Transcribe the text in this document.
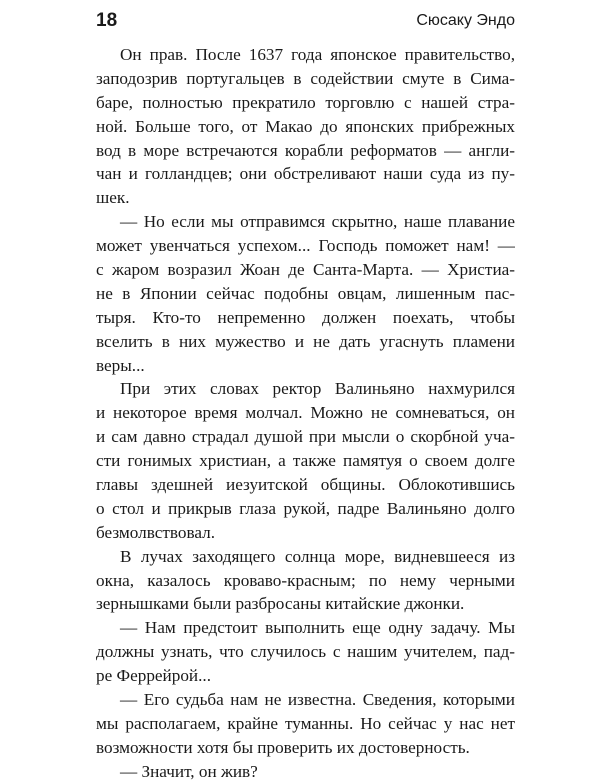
18	Сюсаку Эндо
Он прав. После 1637 года японское правительство,
заподозрив португальцев в содействии смуте в Сима-
баре, полностью прекратило торговлю с нашей стра-
ной. Больше того, от Макао до японских прибрежных
вод в море встречаются корабли реформатов — англи-
чан и голландцев; они обстреливают наши суда из пу-
шек.
— Но если мы отправимся скрытно, наше плавание
может увенчаться успехом... Господь поможет нам! —
с жаром возразил Жоан де Санта-Марта. — Христиа-
не в Японии сейчас подобны овцам, лишенным пас-
тыря. Кто-то непременно должен поехать, чтобы
вселить в них мужество и не дать угаснуть пламени
веры...
При этих словах ректор Валиньяно нахмурился
и некоторое время молчал. Можно не сомневаться, он
и сам давно страдал душой при мысли о скорбной уча-
сти гонимых христиан, а также памятуя о своем долге
главы здешней иезуитской общины. Облокотившись
о стол и прикрыв глаза рукой, падре Валиньяно долго
безмолвствовал.
В лучах заходящего солнца море, видневшееся из
окна, казалось кроваво-красным; по нему черными
зернышками были разбросаны китайские джонки.
— Нам предстоит выполнить еще одну задачу. Мы
должны узнать, что случилось с нашим учителем, пад-
ре Феррейрой...
— Его судьба нам не известна. Сведения, которыми
мы располагаем, крайне туманны. Но сейчас у нас нет
возможности хотя бы проверить их достоверность.
— Значит, он жив?
